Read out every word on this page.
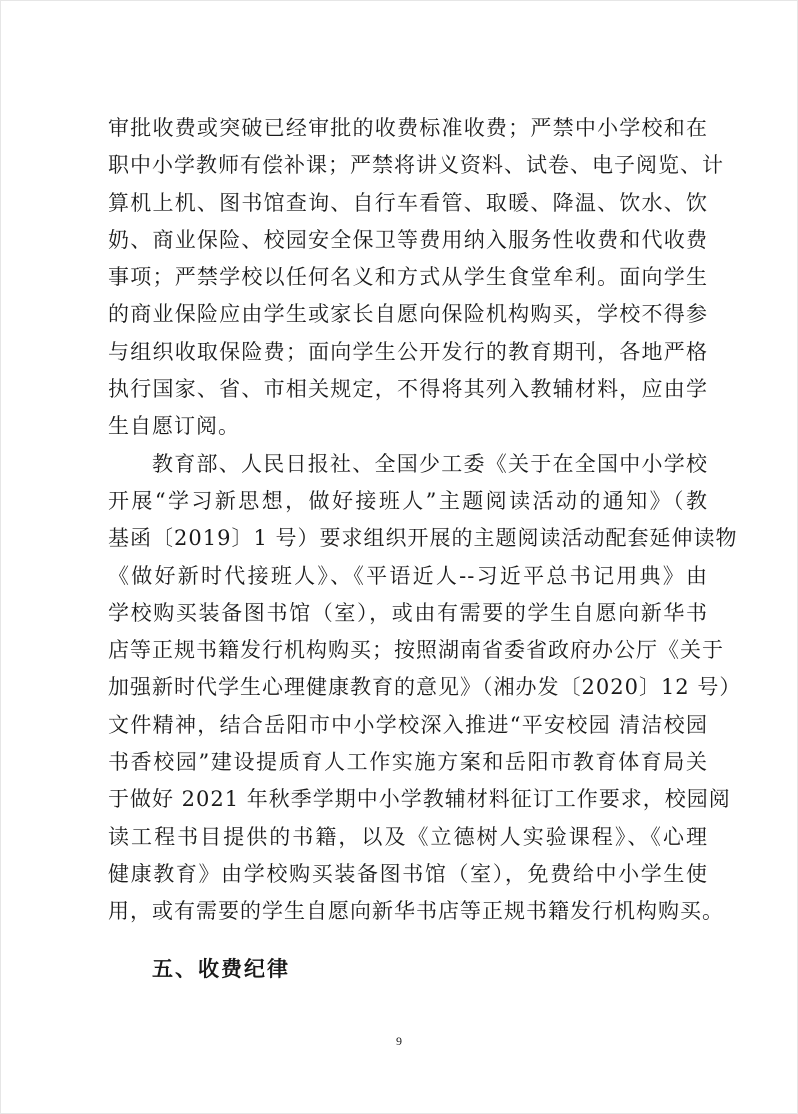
审批收费或突破已经审批的收费标准收费；严禁中小学校和在
职中小学教师有偿补课；严禁将讲义资料、试卷、电子阅览、计
算机上机、图书馆查询、自行车看管、取暖、降温、饮水、饮
奶、商业保险、校园安全保卫等费用纳入服务性收费和代收费
事项；严禁学校以任何名义和方式从学生食堂牟利。面向学生
的商业保险应由学生或家长自愿向保险机构购买，学校不得参
与组织收取保险费；面向学生公开发行的教育期刊，各地严格
执行国家、省、市相关规定，不得将其列入教辅材料，应由学
生自愿订阅。
教育部、人民日报社、全国少工委《关于在全国中小学校
开展“学习新思想，做好接班人”主题阅读活动的通知》（教
基函〔2019〕1 号）要求组织开展的主题阅读活动配套延伸读物
《做好新时代接班人》、《平语近人--习近平总书记用典》由
学校购买装备图书馆（室），或由有需要的学生自愿向新华书
店等正规书籍发行机构购买；按照湖南省委省政府办公厅《关于
加强新时代学生心理健康教育的意见》（湘办发〔2020〕12 号）
文件精神，结合岳阳市中小学校深入推进“平安校园 清洁校园
书香校园”建设提质育人工作实施方案和岳阳市教育体育局关
于做好 2021 年秋季学期中小学教辅材料征订工作要求，校园阅
读工程书目提供的书籍，以及《立德树人实验课程》、《心理
健康教育》由学校购买装备图书馆（室），免费给中小学生使
用，或有需要的学生自愿向新华书店等正规书籍发行机构购买。
五、收费纪律
9
